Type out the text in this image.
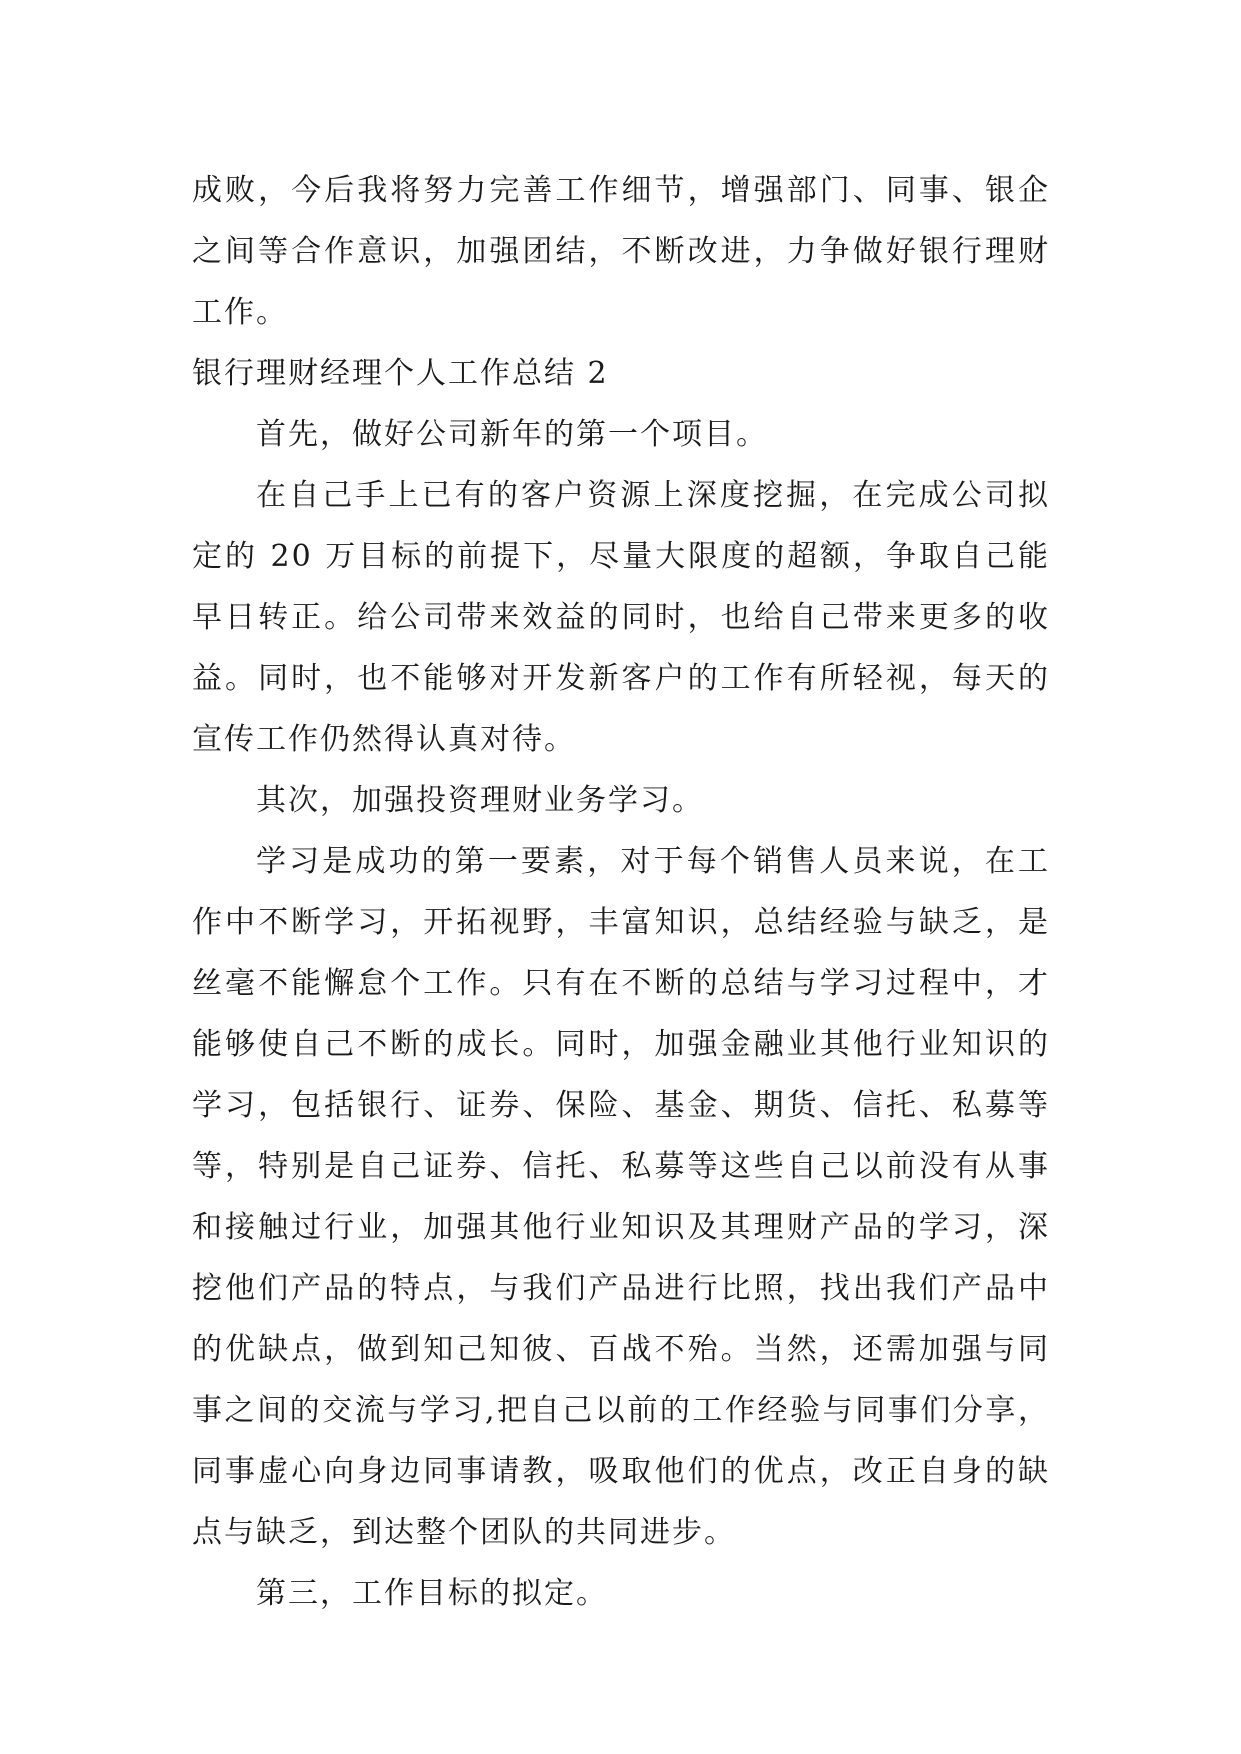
成败，今后我将努力完善工作细节，增强部门、同事、银企之间等合作意识，加强团结，不断改进，力争做好银行理财工作。

银行理财经理个人工作总结 2

首先，做好公司新年的第一个项目。

在自己手上已有的客户资源上深度挖掘，在完成公司拟定的 20 万目标的前提下，尽量大限度的超额，争取自己能早日转正。给公司带来效益的同时，也给自己带来更多的收益。同时，也不能够对开发新客户的工作有所轻视，每天的宣传工作仍然得认真对待。

其次，加强投资理财业务学习。

学习是成功的第一要素，对于每个销售人员来说，在工作中不断学习，开拓视野，丰富知识，总结经验与缺乏，是丝毫不能懈怠个工作。只有在不断的总结与学习过程中，才能够使自己不断的成长。同时，加强金融业其他行业知识的学习，包括银行、证券、保险、基金、期货、信托、私募等等，特别是自己证券、信托、私募等这些自己以前没有从事和接触过行业，加强其他行业知识及其理财产品的学习，深挖他们产品的特点，与我们产品进行比照，找出我们产品中的优缺点，做到知己知彼、百战不殆。当然，还需加强与同事之间的交流与学习,把自己以前的工作经验与同事们分享，同事虚心向身边同事请教，吸取他们的优点，改正自身的缺点与缺乏，到达整个团队的共同进步。

第三，工作目标的拟定。
